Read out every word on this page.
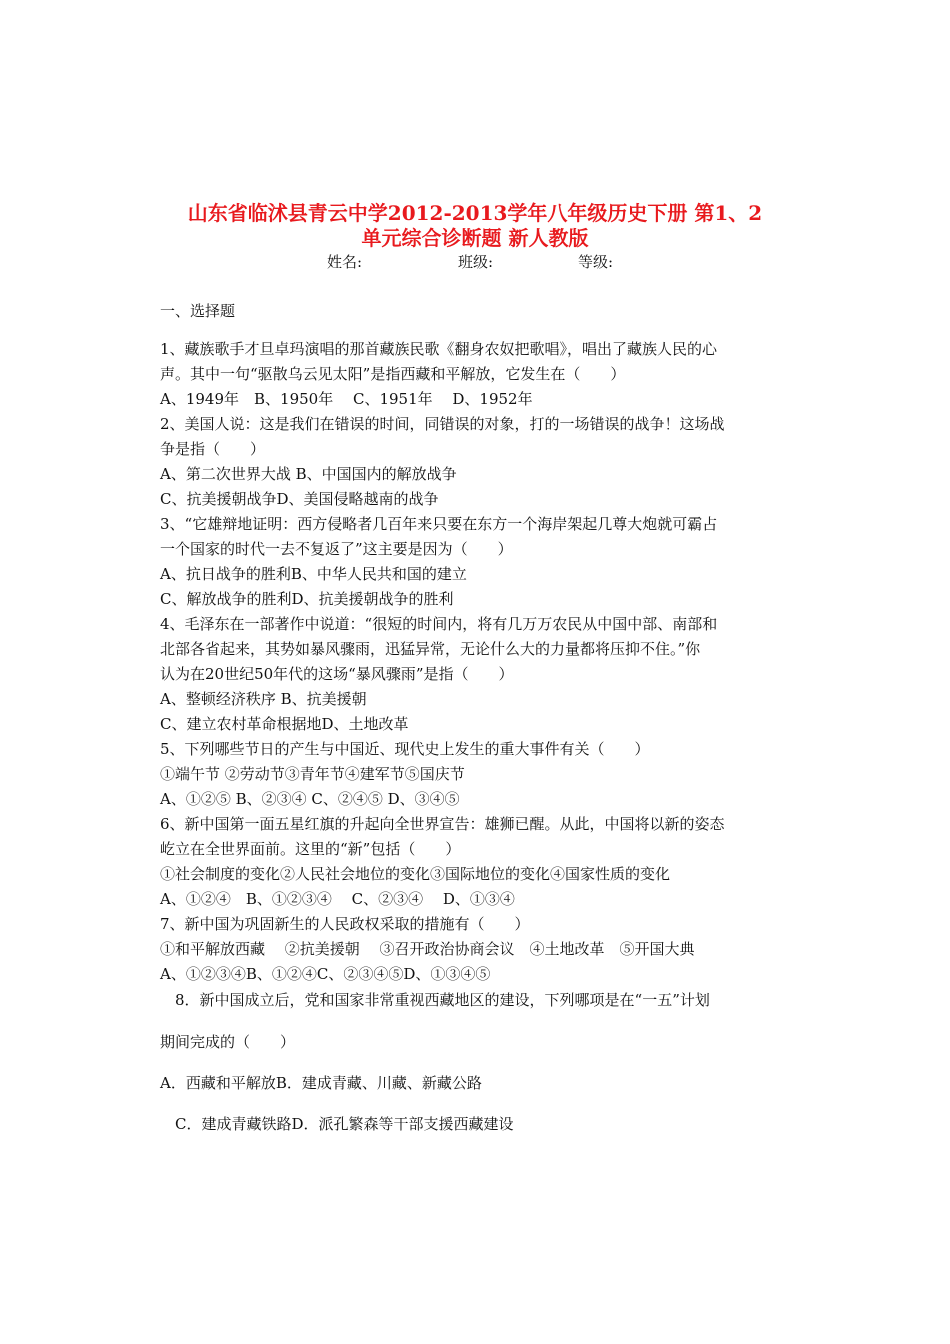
山东省临沭县青云中学2012-2013学年八年级历史下册 第1、2
单元综合诊断题 新人教版
姓名:	班级:	等级:
一、选择题
1、藏族歌手才旦卓玛演唱的那首藏族民歌《翻身农奴把歌唱》，唱出了藏族人民的心
声。其中一句“驱散乌云见太阳”是指西藏和平解放，它发生在（　　）
A、1949年　B、1950年　 C、1951年　 D、1952年
2、美国人说：这是我们在错误的时间，同错误的对象，打的一场错误的战争！这场战
争是指（　　）
A、第二次世界大战 B、中国国内的解放战争
C、抗美援朝战争D、美国侵略越南的战争
3、“它雄辩地证明：西方侵略者几百年来只要在东方一个海岸架起几尊大炮就可霸占
一个国家的时代一去不复返了”这主要是因为（　　）
A、抗日战争的胜利B、中华人民共和国的建立
C、解放战争的胜利D、抗美援朝战争的胜利
4、毛泽东在一部著作中说道：“很短的时间内，将有几万万农民从中国中部、南部和
北部各省起来，其势如暴风骤雨，迅猛异常，无论什么大的力量都将压抑不住。”你
认为在20世纪50年代的这场“暴风骤雨”是指（　　）
A、整顿经济秩序 B、抗美援朝
C、建立农村革命根据地D、土地改革
5、下列哪些节日的产生与中国近、现代史上发生的重大事件有关（　　）
①端午节 ②劳动节③青年节④建军节⑤国庆节
A、①②⑤ B、②③④ C、②④⑤ D、③④⑤
6、新中国第一面五星红旗的升起向全世界宣告：雄狮已醒。从此，中国将以新的姿态
屹立在全世界面前。这里的“新”包括（　　）
①社会制度的变化②人民社会地位的变化③国际地位的变化④国家性质的变化
A、①②④　B、①②③④　 C、②③④　 D、①③④
7、新中国为巩固新生的人民政权采取的措施有（　　）
①和平解放西藏　 ②抗美援朝　 ③召开政治协商会议　④土地改革　⑤开国大典
A、①②③④B、①②④C、②③④⑤D、①③④⑤
　8．新中国成立后，党和国家非常重视西藏地区的建设，下列哪项是在“一五”计划
期间完成的（　　）
A．西藏和平解放B．建成青藏、川藏、新藏公路
　C．建成青藏铁路D．派孔繁森等干部支援西藏建设
